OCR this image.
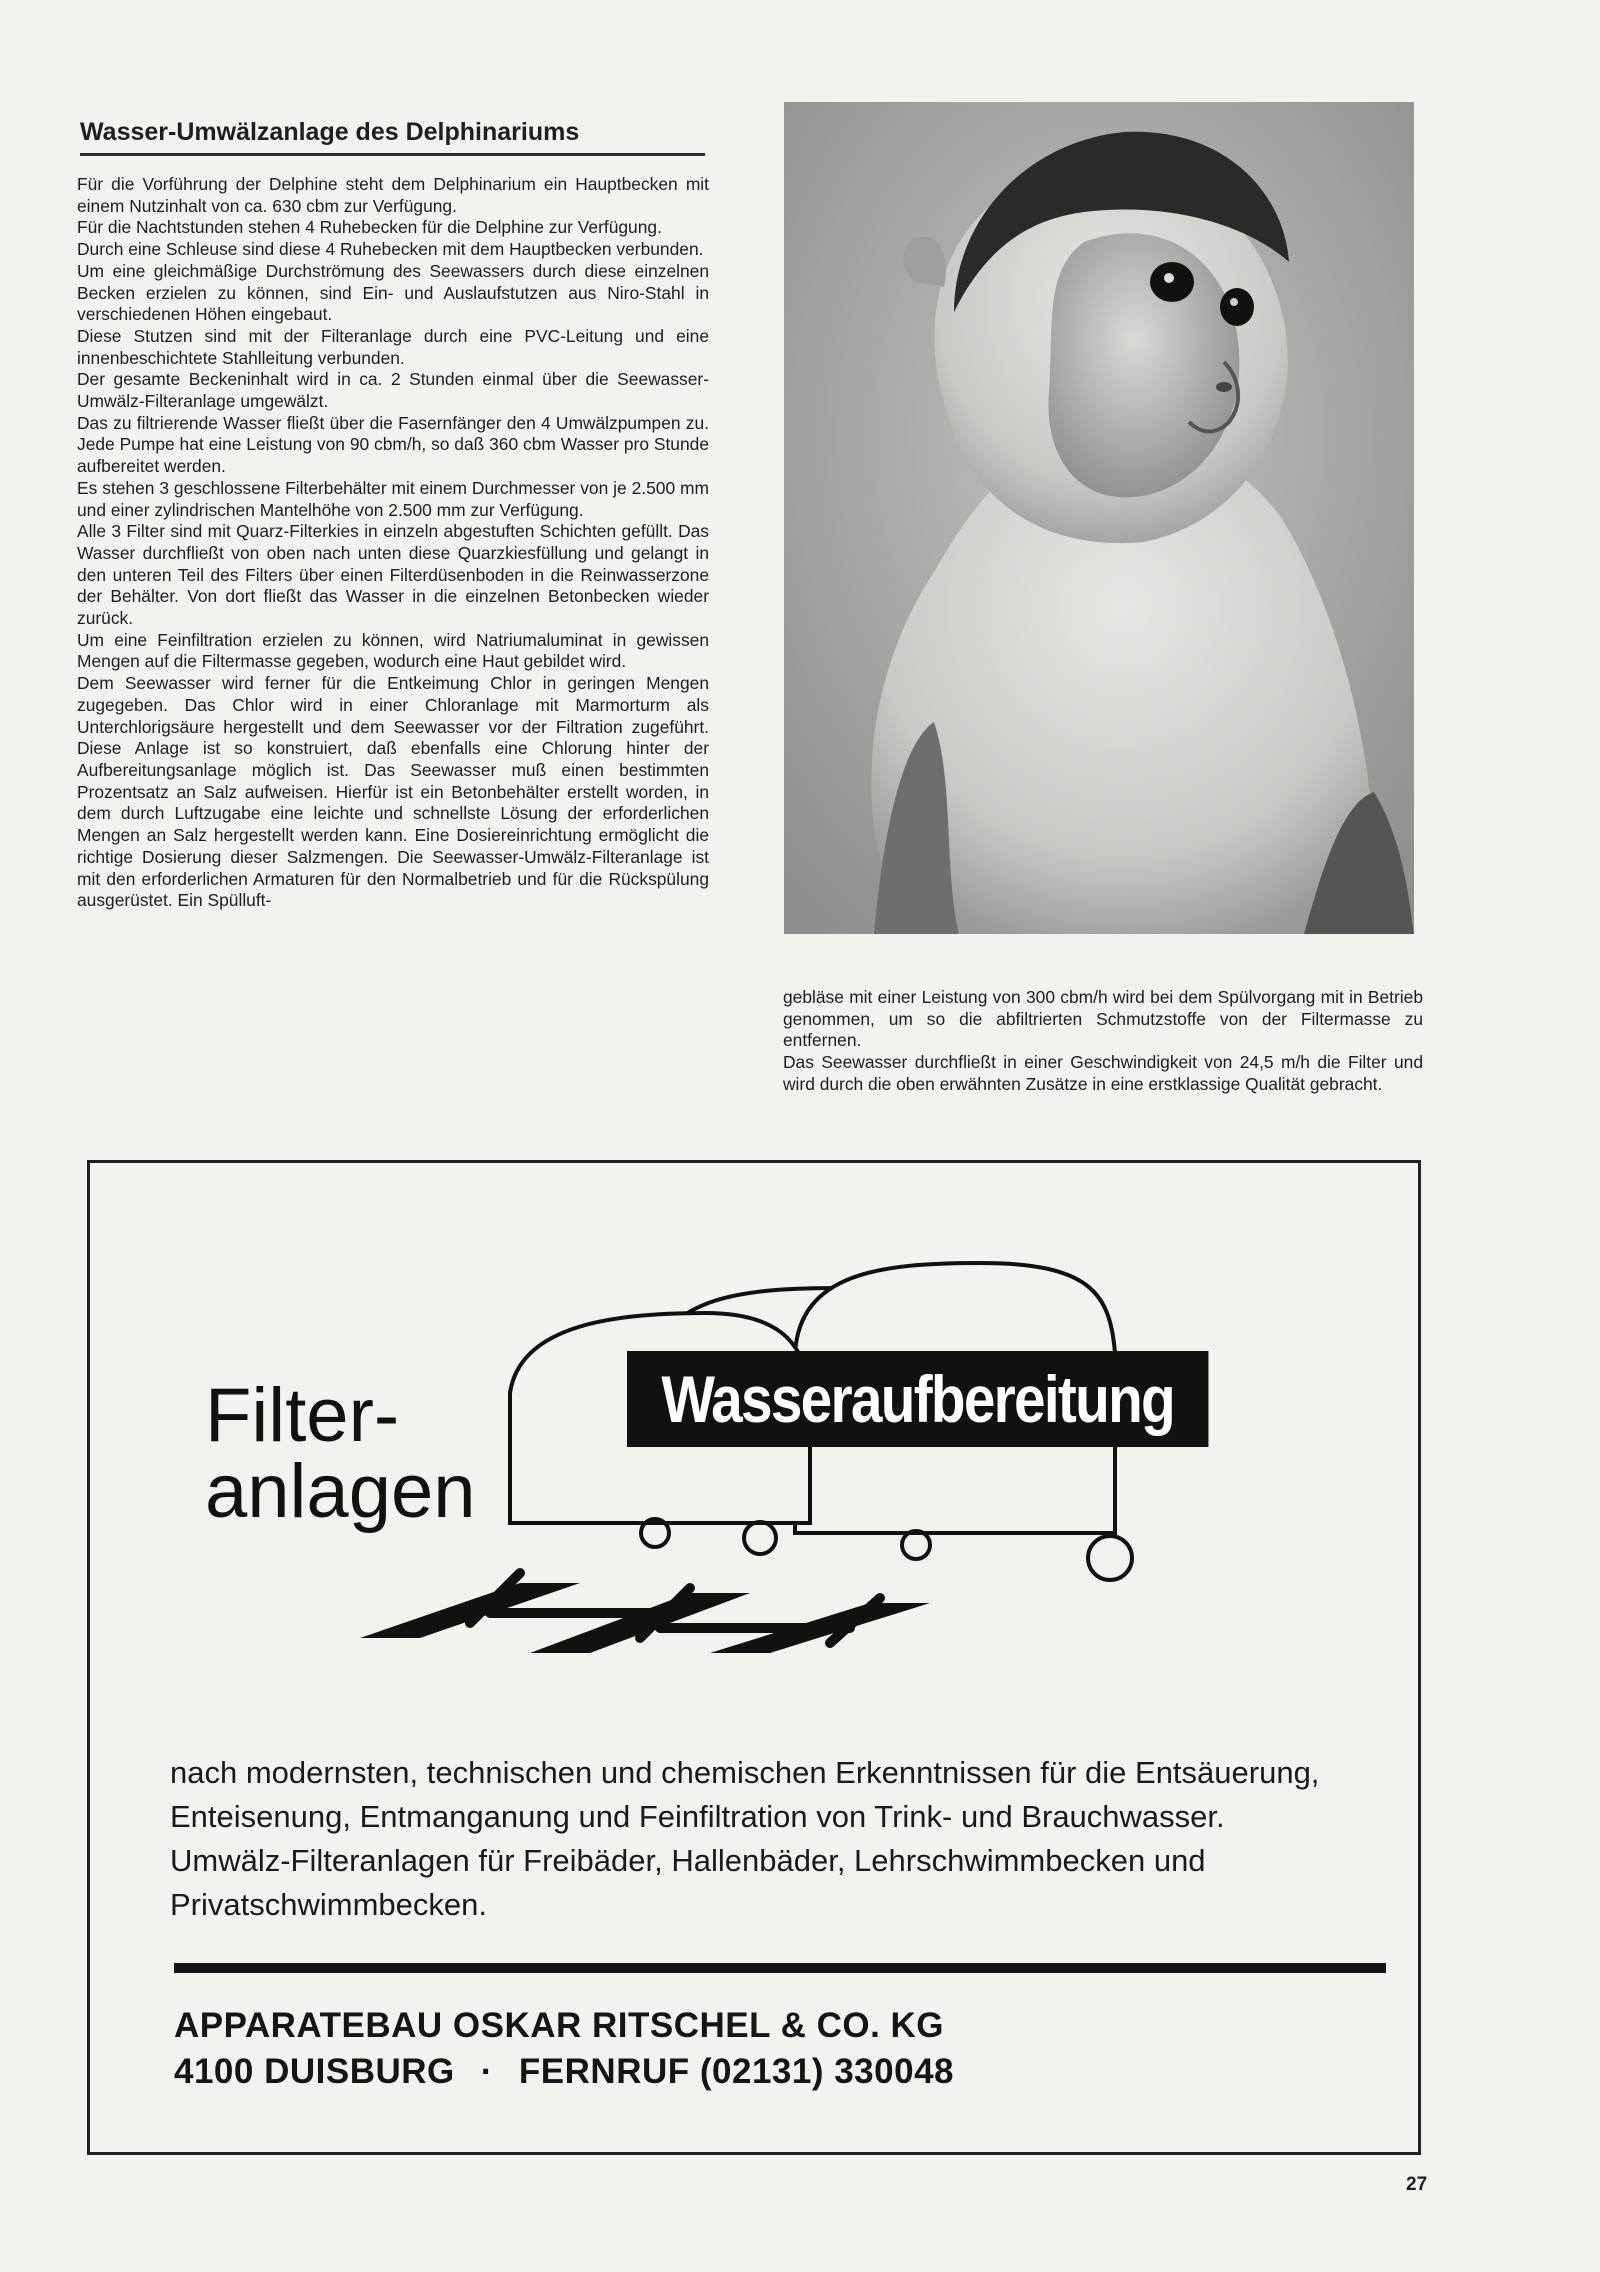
Wasser-Umwälzanlage des Delphinariums

Für die Vorführung der Delphine steht dem Delphinarium ein Hauptbecken mit einem Nutzinhalt von ca. 630 cbm zur Verfügung.

Für die Nachtstunden stehen 4 Ruhebecken für die Delphine zur Verfügung.

Durch eine Schleuse sind diese 4 Ruhebecken mit dem Hauptbecken verbunden.

Um eine gleichmäßige Durchströmung des Seewassers durch diese einzelnen Becken erzielen zu können, sind Ein- und Auslaufstutzen aus Niro-Stahl in verschiedenen Höhen eingebaut.

Diese Stutzen sind mit der Filteranlage durch eine PVC-Leitung und eine innenbeschichtete Stahlleitung verbunden.

Der gesamte Beckeninhalt wird in ca. 2 Stunden einmal über die Seewasser-Umwälz-Filteranlage umgewälzt.

Das zu filtrierende Wasser fließt über die Fasernfänger den 4 Umwälzpumpen zu. Jede Pumpe hat eine Leistung von 90 cbm/h, so daß 360 cbm Wasser pro Stunde aufbereitet werden.

Es stehen 3 geschlossene Filterbehälter mit einem Durchmesser von je 2.500 mm und einer zylindrischen Mantelhöhe von 2.500 mm zur Verfügung.

Alle 3 Filter sind mit Quarz-Filterkies in einzeln abgestuften Schichten gefüllt. Das Wasser durchfließt von oben nach unten diese Quarzkiesfüllung und gelangt in den unteren Teil des Filters über einen Filterdüsenboden in die Reinwasserzone der Behälter. Von dort fließt das Wasser in die einzelnen Betonbecken wieder zurück.

Um eine Feinfiltration erzielen zu können, wird Natriumaluminat in gewissen Mengen auf die Filtermasse gegeben, wodurch eine Haut gebildet wird.

Dem Seewasser wird ferner für die Entkeimung Chlor in geringen Mengen zugegeben. Das Chlor wird in einer Chloranlage mit Marmorturm als Unterchlorigsäure hergestellt und dem Seewasser vor der Filtration zugeführt. Diese Anlage ist so konstruiert, daß ebenfalls eine Chlorung hinter der Aufbereitungsanlage möglich ist. Das Seewasser muß einen bestimmten Prozentsatz an Salz aufweisen. Hierfür ist ein Betonbehälter erstellt worden, in dem durch Luftzugabe eine leichte und schnellste Lösung der erforderlichen Mengen an Salz hergestellt werden kann. Eine Dosiereinrichtung ermöglicht die richtige Dosierung dieser Salzmengen. Die Seewasser-Umwälz-Filteranlage ist mit den erforderlichen Armaturen für den Normalbetrieb und für die Rückspülung ausgerüstet. Ein Spülluft-

gebläse mit einer Leistung von 300 cbm/h wird bei dem Spülvorgang mit in Betrieb genommen, um so die abfiltrierten Schmutzstoffe von der Filtermasse zu entfernen.

Das Seewasser durchfließt in einer Geschwindigkeit von 24,5 m/h die Filter und wird durch die oben erwähnten Zusätze in eine erstklassige Qualität gebracht.

Filter-
anlagen
Wasseraufbereitung

nach modernsten, technischen und chemischen Erkenntnissen für die Entsäuerung, Enteisenung, Entmanganung und Feinfiltration von Trink- und Brauchwasser. Umwälz-Filteranlagen für Freibäder, Hallenbäder, Lehrschwimmbecken und Privatschwimmbecken.

APPARATEBAU OSKAR RITSCHEL & CO. KG

4100 DUISBURG · FERNRUF (02131) 330048

27
